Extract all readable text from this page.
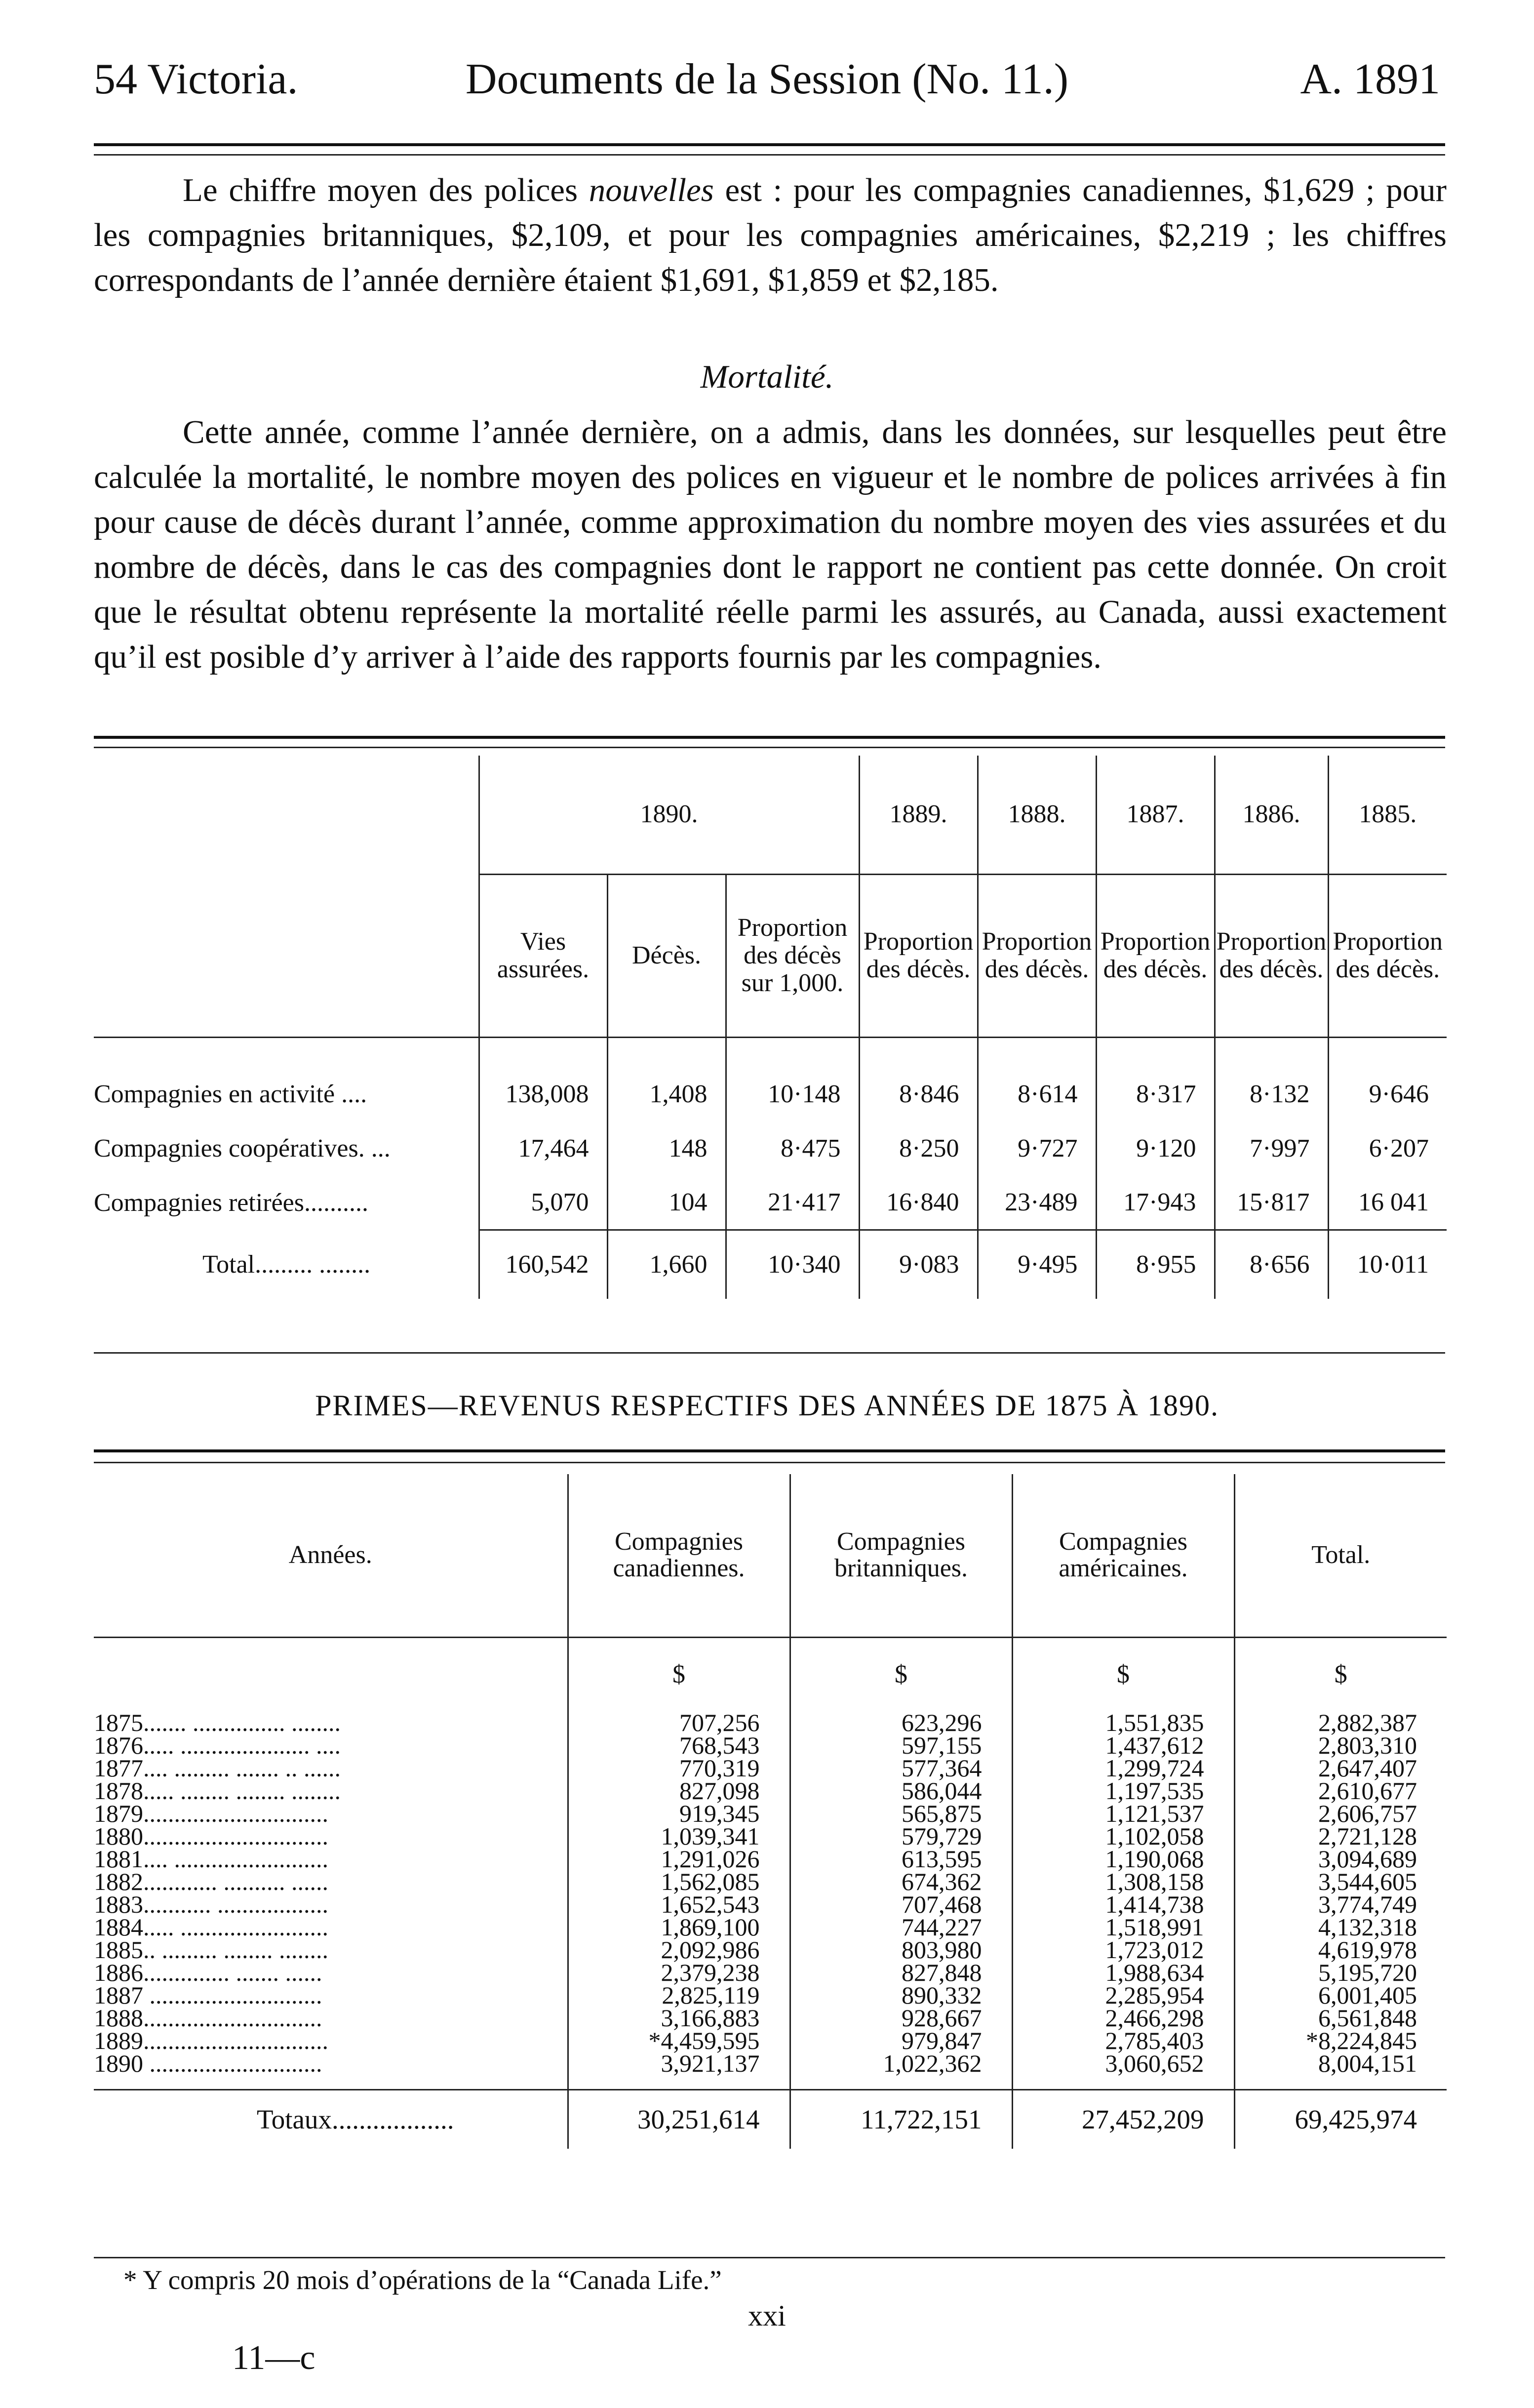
54 Victoria.	Documents de la Session (No. 11.)	A. 1891

Le chiffre moyen des polices nouvelles est : pour les compagnies canadiennes, $1,629 ; pour les compagnies britanniques, $2,109, et pour les compagnies américaines, $2,219 ; les chiffres correspondants de l’année dernière étaient $1,691, $1,859 et $2,185.

Mortalité.

Cette année, comme l’année dernière, on a admis, dans les données, sur lesquelles peut être calculée la mortalité, le nombre moyen des polices en vigueur et le nombre de polices arrivées à fin pour cause de décès durant l’année, comme approximation du nombre moyen des vies assurées et du nombre de décès, dans le cas des compagnies dont le rapport ne contient pas cette donnée. On croit que le résultat obtenu représente la mortalité réelle parmi les assurés, au Canada, aussi exactement qu’il est posible d’y arriver à l’aide des rapports fournis par les compagnies.

	1890.			1889.	1888.	1887.	1886.	1885.
	Vies assurées.	Décès.	Proportion des décès sur 1,000.	Proportion des décès.	Proportion des décès.	Proportion des décès.	Proportion des décès.	Proportion des décès.

Compagnies en activité ....	138,008	1,408	10·148	8·846	8·614	8·317	8·132	9·646
Compagnies coopératives. ...	17,464	148	8·475	8·250	9·727	9·120	7·997	6·207
Compagnies retirées..........	5,070	104	21·417	16·840	23·489	17·943	15·817	16 041
Total......... ........	160,542	1,660	10·340	9·083	9·495	8·955	8·656	10·011
PRIMES—REVENUS RESPECTIFS DES ANNÉES DE 1875 À 1890.
Années.	Compagnies canadiennes.	Compagnies britanniques.	Compagnies américaines.	Total.
	$	$	$	$
1875....... ............... ........	707,256	623,296	1,551,835	2,882,387
1876..... ..................... ....	768,543	597,155	1,437,612	2,803,310
1877.... ......... ....... .. ......	770,319	577,364	1,299,724	2,647,407
1878..... ........ ........ ........	827,098	586,044	1,197,535	2,610,677
1879..............................	919,345	565,875	1,121,537	2,606,757
1880..............................	1,039,341	579,729	1,102,058	2,721,128
1881.... .........................	1,291,026	613,595	1,190,068	3,094,689
1882............ .......... ......	1,562,085	674,362	1,308,158	3,544,605
1883........... ..................	1,652,543	707,468	1,414,738	3,774,749
1884..... ........................	1,869,100	744,227	1,518,991	4,132,318
1885.. ......... ........ ........	2,092,986	803,980	1,723,012	4,619,978
1886.............. ....... ......	2,379,238	827,848	1,988,634	5,195,720
1887 ............................	2,825,119	890,332	2,285,954	6,001,405
1888.............................	3,166,883	928,667	2,466,298	6,561,848
1889..............................	*4,459,595	979,847	2,785,403	*8,224,845
1890 ............................	3,921,137	1,022,362	3,060,652	8,004,151

Totaux..................	30,251,614	11,722,151	27,452,209	69,425,974
* Y compris 20 mois d’opérations de la “Canada Life.”
xxi
11—c
